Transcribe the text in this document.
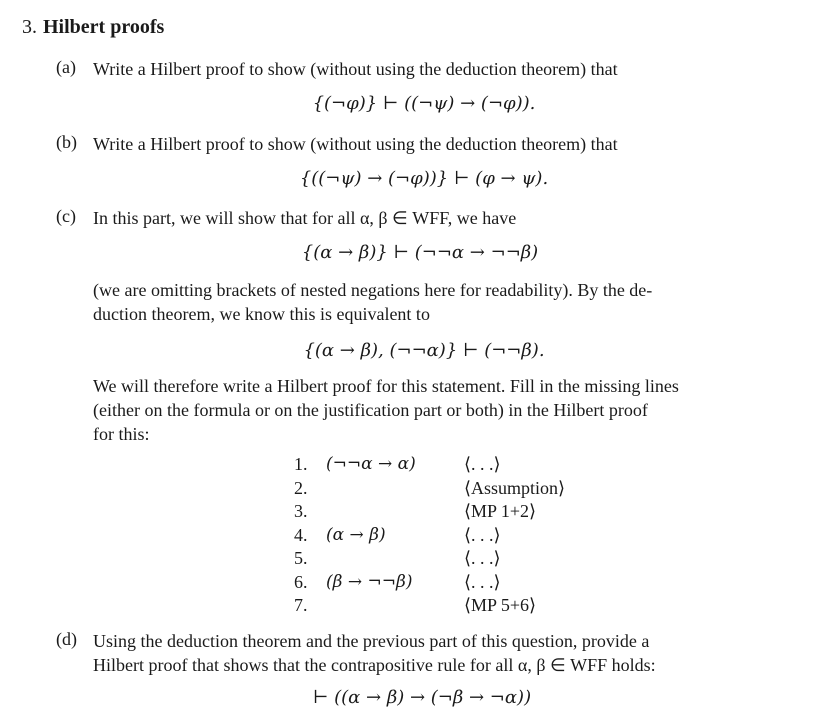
3. Hilbert proofs
(a) Write a Hilbert proof to show (without using the deduction theorem) that
{(¬φ)} ⊢ ((¬ψ) → (¬φ)).
(b) Write a Hilbert proof to show (without using the deduction theorem) that
{((¬ψ) → (¬φ))} ⊢ (φ → ψ).
(c) In this part, we will show that for all α, β ∈ WFF, we have
{(α → β)} ⊢ (¬¬α → ¬¬β)
(we are omitting brackets of nested negations here for readability). By the de-
duction theorem, we know this is equivalent to
{(α → β), (¬¬α)} ⊢ (¬¬β).
We will therefore write a Hilbert proof for this statement. Fill in the missing lines
(either on the formula or on the justification part or both) in the Hilbert proof
for this:
1. (¬¬α → α)	⟨. . .⟩
2.	⟨Assumption⟩
3.	⟨MP 1+2⟩
4. (α → β)	⟨. . .⟩
5.	⟨. . .⟩
6. (β → ¬¬β)	⟨. . .⟩
7.	⟨MP 5+6⟩
(d) Using the deduction theorem and the previous part of this question, provide a
Hilbert proof that shows that the contrapositive rule for all α, β ∈ WFF holds:
⊢ ((α → β) → (¬β → ¬α))
